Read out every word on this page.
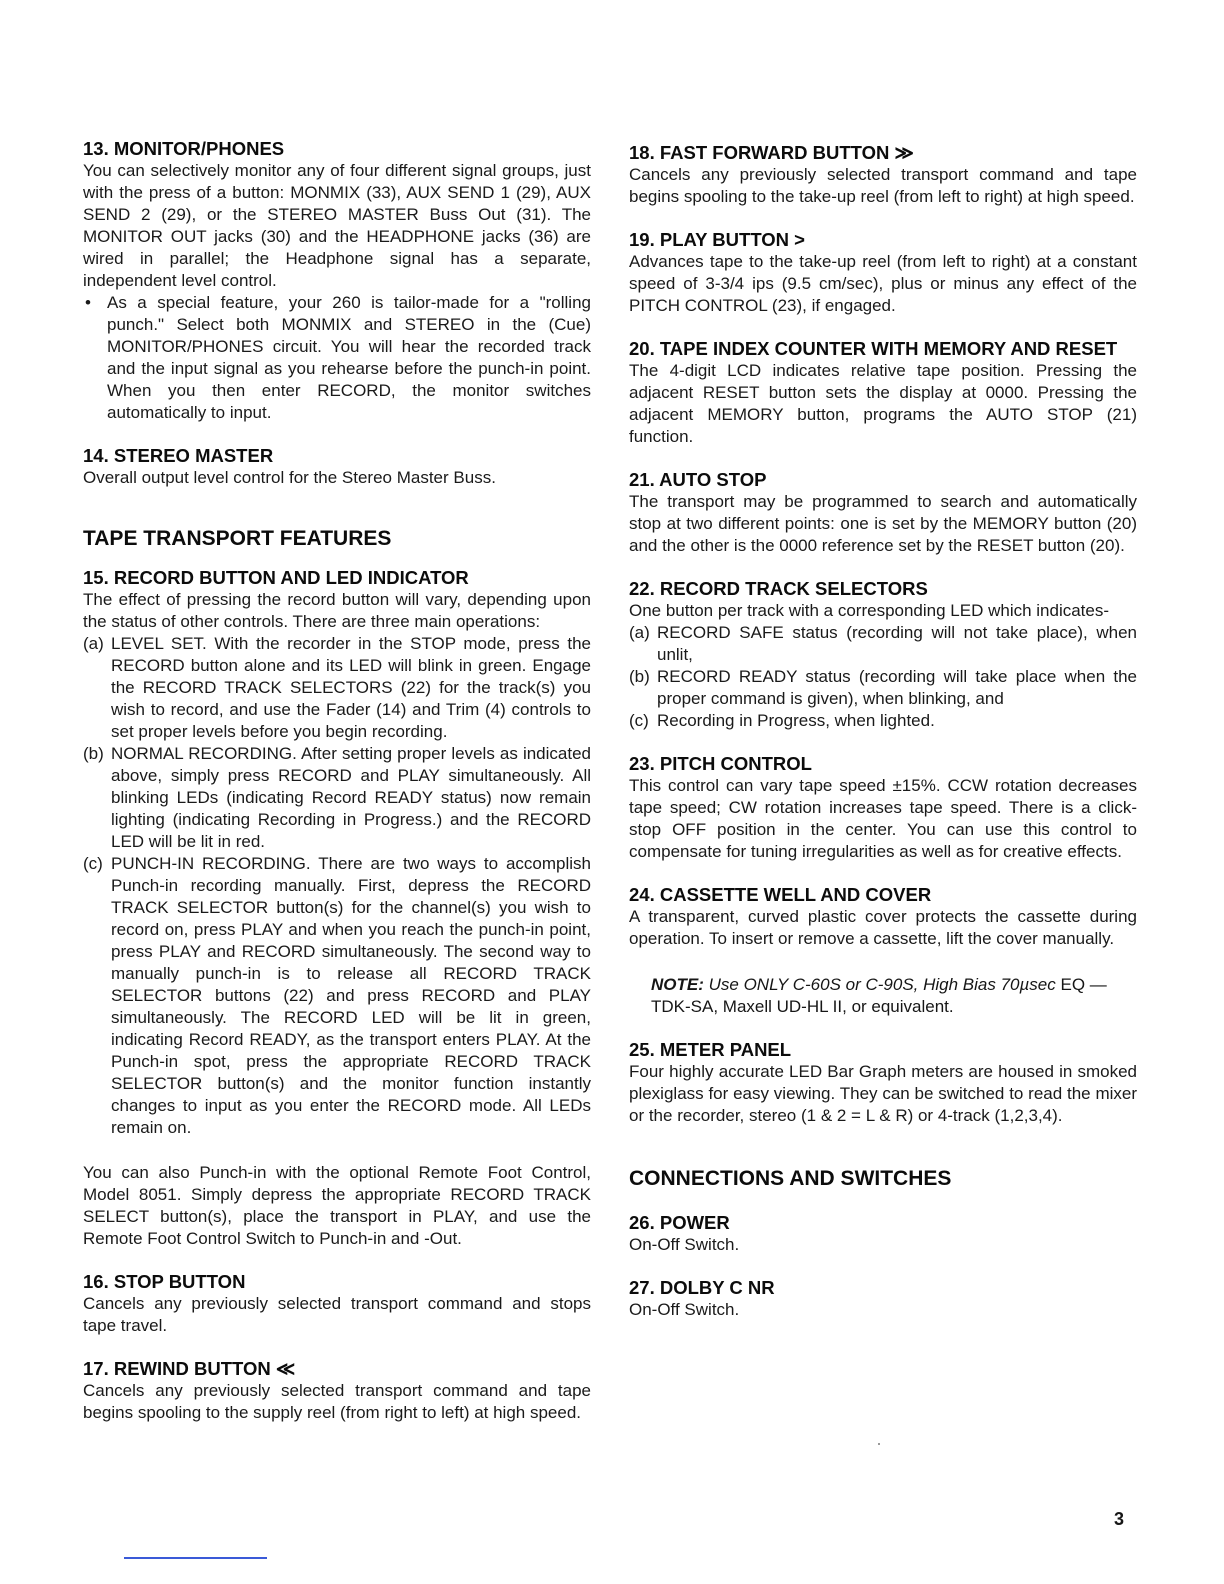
13. MONITOR/PHONES

You can selectively monitor any of four different signal groups, just with the press of a button: MONMIX (33), AUX SEND 1 (29), AUX SEND 2 (29), or the STEREO MASTER Buss Out (31). The MONITOR OUT jacks (30) and the HEADPHONE jacks (36) are wired in parallel; the Headphone signal has a separate, independent level control.

• As a special feature, your 260 is tailor-made for a "rolling punch." Select both MONMIX and STEREO in the (Cue) MONITOR/PHONES circuit. You will hear the recorded track and the input signal as you rehearse before the punch-in point. When you then enter RECORD, the monitor switches automatically to input.
14. STEREO MASTER

Overall output level control for the Stereo Master Buss.

TAPE TRANSPORT FEATURES
15. RECORD BUTTON AND LED INDICATOR

The effect of pressing the record button will vary, depending upon the status of other controls. There are three main operations:

(a) LEVEL SET. With the recorder in the STOP mode, press the RECORD button alone and its LED will blink in green. Engage the RECORD TRACK SELECTORS (22) for the track(s) you wish to record, and use the Fader (14) and Trim (4) controls to set proper levels before you begin recording.
(b) NORMAL RECORDING. After setting proper levels as indicated above, simply press RECORD and PLAY simultaneously. All blinking LEDs (indicating Record READY status) now remain lighting (indicating Recording in Progress.) and the RECORD LED will be lit in red.
(c) PUNCH-IN RECORDING. There are two ways to accomplish Punch-in recording manually. First, depress the RECORD TRACK SELECTOR button(s) for the channel(s) you wish to record on, press PLAY and when you reach the punch-in point, press PLAY and RECORD simultaneously. The second way to manually punch-in is to release all RECORD TRACK SELECTOR buttons (22) and press RECORD and PLAY simultaneously. The RECORD LED will be lit in green, indicating Record READY, as the transport enters PLAY. At the Punch-in spot, press the appropriate RECORD TRACK SELECTOR button(s) and the monitor function instantly changes to input as you enter the RECORD mode. All LEDs remain on.

You can also Punch-in with the optional Remote Foot Control, Model 8051. Simply depress the appropriate RECORD TRACK SELECT button(s), place the transport in PLAY, and use the Remote Foot Control Switch to Punch-in and -Out.

16. STOP BUTTON

Cancels any previously selected transport command and stops tape travel.

17. REWIND BUTTON ≪

Cancels any previously selected transport command and tape begins spooling to the supply reel (from right to left) at high speed.

18. FAST FORWARD BUTTON ≫

Cancels any previously selected transport command and tape begins spooling to the take-up reel (from left to right) at high speed.

19. PLAY BUTTON >

Advances tape to the take-up reel (from left to right) at a constant speed of 3-3/4 ips (9.5 cm/sec), plus or minus any effect of the PITCH CONTROL (23), if engaged.

20. TAPE INDEX COUNTER WITH MEMORY AND RESET

The 4-digit LCD indicates relative tape position. Pressing the adjacent RESET button sets the display at 0000. Pressing the adjacent MEMORY button, programs the AUTO STOP (21) function.

21. AUTO STOP

The transport may be programmed to search and automatically stop at two different points: one is set by the MEMORY button (20) and the other is the 0000 reference set by the RESET button (20).

22. RECORD TRACK SELECTORS

One button per track with a corresponding LED which indicates-

(a) RECORD SAFE status (recording will not take place), when unlit,
(b) RECORD READY status (recording will take place when the proper command is given), when blinking, and
(c) Recording in Progress, when lighted.
23. PITCH CONTROL

This control can vary tape speed ±15%. CCW rotation decreases tape speed; CW rotation increases tape speed. There is a click-stop OFF position in the center. You can use this control to compensate for tuning irregularities as well as for creative effects.

24. CASSETTE WELL AND COVER

A transparent, curved plastic cover protects the cassette during operation. To insert or remove a cassette, lift the cover manually.

NOTE: Use ONLY C-60S or C-90S, High Bias 70µsec EQ — TDK-SA, Maxell UD-HL II, or equivalent.
25. METER PANEL

Four highly accurate LED Bar Graph meters are housed in smoked plexiglass for easy viewing. They can be switched to read the mixer or the recorder, stereo (1 & 2 = L & R) or 4-track (1,2,3,4).

CONNECTIONS AND SWITCHES
26. POWER

On-Off Switch.

27. DOLBY C NR

On-Off Switch.

3
